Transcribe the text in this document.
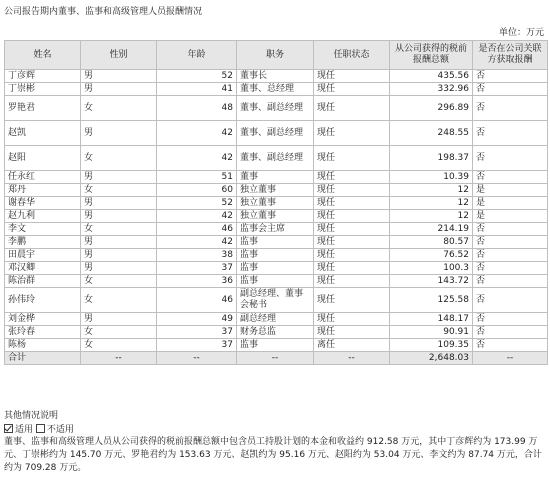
公司报告期内董事、监事和高级管理人员报酬情况
单位：万元
姓名	性别	年龄	职务	任职状态	从公司获得的税前报酬总额	是否在公司关联方获取报酬
丁彦辉	男	52	董事长	现任	435.56	否
丁崇彬	男	41	董事、总经理	现任	332.96	否
罗艳君	女	48	董事、副总经理	现任	296.89	否
赵凯	男	42	董事、副总经理	现任	248.55	否
赵阳	女	42	董事、副总经理	现任	198.37	否
任永红	男	51	董事	现任	10.39	否
郑丹	女	60	独立董事	现任	12	是
谢春华	男	52	独立董事	现任	12	是
赵九利	男	42	独立董事	现任	12	是
李文	女	46	监事会主席	现任	214.19	否
李鹏	男	42	监事	现任	80.57	否
田晨宇	男	38	监事	现任	76.52	否
邓汉卿	男	37	监事	现任	100.3	否
陈治群	女	36	监事	现任	143.72	否
孙伟玲	女	46	副总经理、董事会秘书	现任	125.58	否
刘金桦	男	49	副总经理	现任	148.17	否
张玲春	女	37	财务总监	现任	90.91	否
陈杨	女	37	监事	离任	109.35	否
合计	--	--	--	--	2,648.03	--
其他情况说明
适用 不适用
董事、监事和高级管理人员从公司获得的税前报酬总额中包含员工持股计划的本金和收益约 912.58 万元，其中丁彦辉约为 173.99 万元、丁崇彬约为 145.70 万元、罗艳君约为 153.63 万元、赵凯约为 95.16 万元、赵阳约为 53.04 万元、李文约为 87.74 万元，合计约为 709.28 万元。
